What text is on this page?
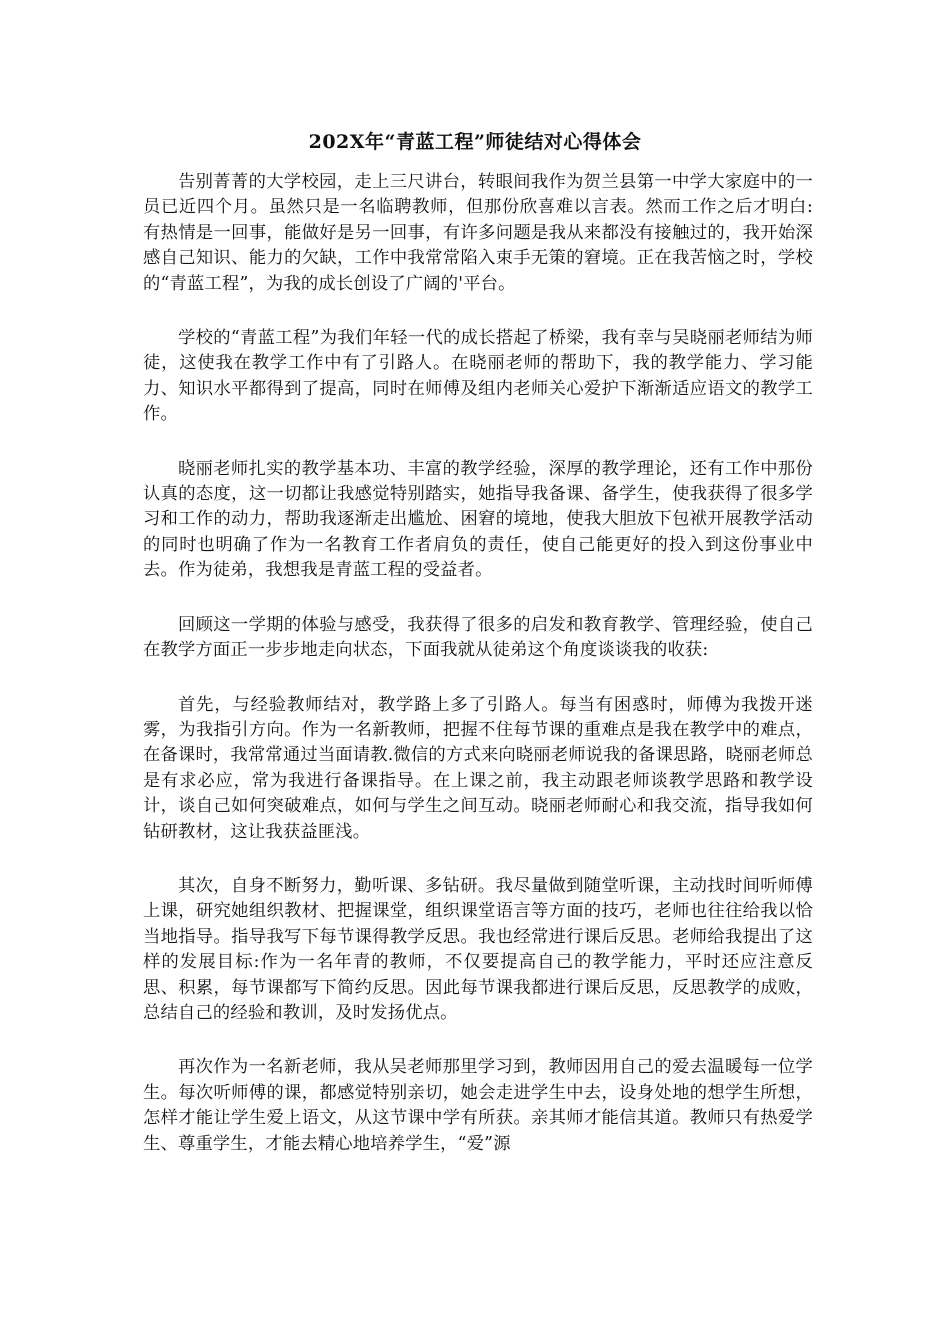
202X年“青蓝工程”师徒结对心得体会

告别菁菁的大学校园，走上三尺讲台，转眼间我作为贺兰县第一中学大家庭中的一员已近四个月。虽然只是一名临聘教师，但那份欣喜难以言表。然而工作之后才明白:有热情是一回事，能做好是另一回事，有许多问题是我从来都没有接触过的，我开始深感自己知识、能力的欠缺，工作中我常常陷入束手无策的窘境。正在我苦恼之时，学校的“青蓝工程”，为我的成长创设了广阔的'平台。

学校的“青蓝工程”为我们年轻一代的成长搭起了桥梁，我有幸与吴晓丽老师结为师徒，这使我在教学工作中有了引路人。在晓丽老师的帮助下，我的教学能力、学习能力、知识水平都得到了提高，同时在师傅及组内老师关心爱护下渐渐适应语文的教学工作。

晓丽老师扎实的教学基本功、丰富的教学经验，深厚的教学理论，还有工作中那份认真的态度，这一切都让我感觉特别踏实，她指导我备课、备学生，使我获得了很多学习和工作的动力，帮助我逐渐走出尴尬、困窘的境地，使我大胆放下包袱开展教学活动的同时也明确了作为一名教育工作者肩负的责任，使自己能更好的投入到这份事业中去。作为徒弟，我想我是青蓝工程的受益者。

回顾这一学期的体验与感受，我获得了很多的启发和教育教学、管理经验，使自己在教学方面正一步步地走向状态，下面我就从徒弟这个角度谈谈我的收获:

首先，与经验教师结对，教学路上多了引路人。每当有困惑时，师傅为我拨开迷雾，为我指引方向。作为一名新教师，把握不住每节课的重难点是我在教学中的难点，在备课时，我常常通过当面请教.微信的方式来向晓丽老师说我的备课思路，晓丽老师总是有求必应，常为我进行备课指导。在上课之前，我主动跟老师谈教学思路和教学设计，谈自己如何突破难点，如何与学生之间互动。晓丽老师耐心和我交流，指导我如何钻研教材，这让我获益匪浅。

其次，自身不断努力，勤听课、多钻研。我尽量做到随堂听课，主动找时间听师傅上课，研究她组织教材、把握课堂，组织课堂语言等方面的技巧，老师也往往给我以恰当地指导。指导我写下每节课得教学反思。我也经常进行课后反思。老师给我提出了这样的发展目标:作为一名年青的教师，不仅要提高自己的教学能力，平时还应注意反思、积累，每节课都写下简约反思。因此每节课我都进行课后反思，反思教学的成败，总结自己的经验和教训，及时发扬优点。

再次作为一名新老师，我从吴老师那里学习到，教师因用自己的爱去温暖每一位学生。每次听师傅的课，都感觉特别亲切，她会走进学生中去，设身处地的想学生所想，怎样才能让学生爱上语文，从这节课中学有所获。亲其师才能信其道。教师只有热爱学生、尊重学生，才能去精心地培养学生，“爱”源
